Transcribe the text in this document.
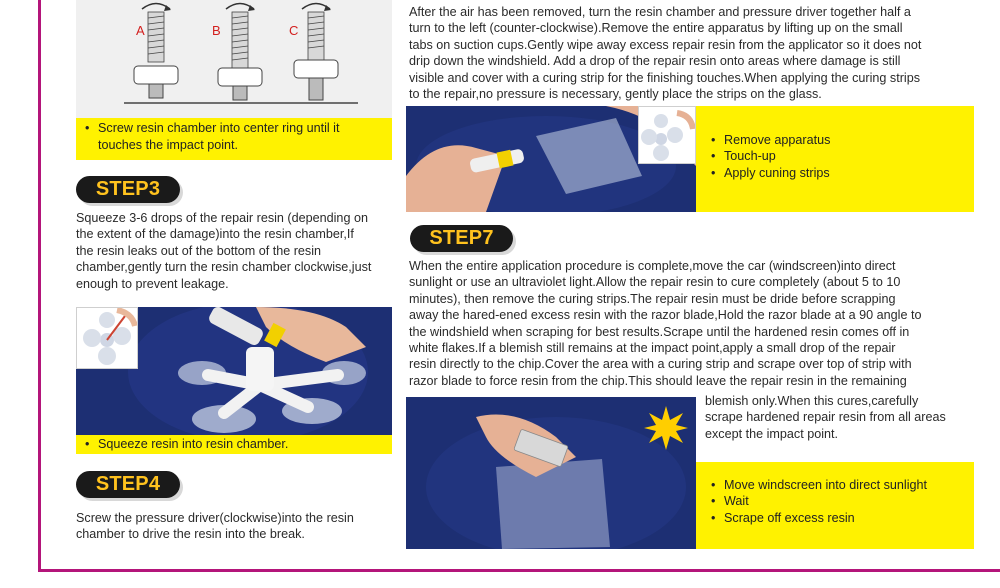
A	B	C
• Screw resin chamber into center ring until it touches the impact point.
STEP3
Squeeze 3-6 drops of the repair resin (depending on
the extent of the damage)into the resin chamber,If
the resin leaks out of the bottom of the resin
chamber,gently turn the resin chamber clockwise,just
enough to prevent leakage.
• Squeeze resin into resin chamber.
STEP4
Screw the pressure driver(clockwise)into the resin
chamber to drive the resin into the break.
After the air has been removed, turn the resin chamber and pressure driver together half a
turn to the left (counter-clockwise).Remove the entire apparatus by lifting up on the small
tabs on suction cups.Gently wipe away excess repair resin from the applicator so it does not
drip down the windshield. Add a drop of the repair resin onto areas where damage is still
visible and cover with a curing strip for the finishing touches.When applying the curing strips
to the repair,no pressure is necessary, gently place the strips on the glass.
• Remove apparatus
• Touch-up
• Apply cuning strips
STEP7
When the entire application procedure is complete,move the car (windscreen)into direct
sunlight or use an ultraviolet light.Allow the repair resin to cure completely (about 5 to 10
minutes), then remove the curing strips.The repair resin must be dride before scrapping
away the hared-ened excess resin with the razor blade,Hold the razor blade at a 90 angle to
the windshield when scraping for best results.Scrape until the hardened resin comes off in
white flakes.If a blemish still remains at the impact point,apply a small drop of the repair
resin directly to the chip.Cover the area with a curing strip and scrape over top of strip with
razor blade to force resin from the chip.This should leave the repair resin in the remaining
blemish only.When this cures,carefully
scrape hardened repair resin from all areas
except the impact point.
• Move windscreen into direct sunlight
• Wait
• Scrape off excess resin
